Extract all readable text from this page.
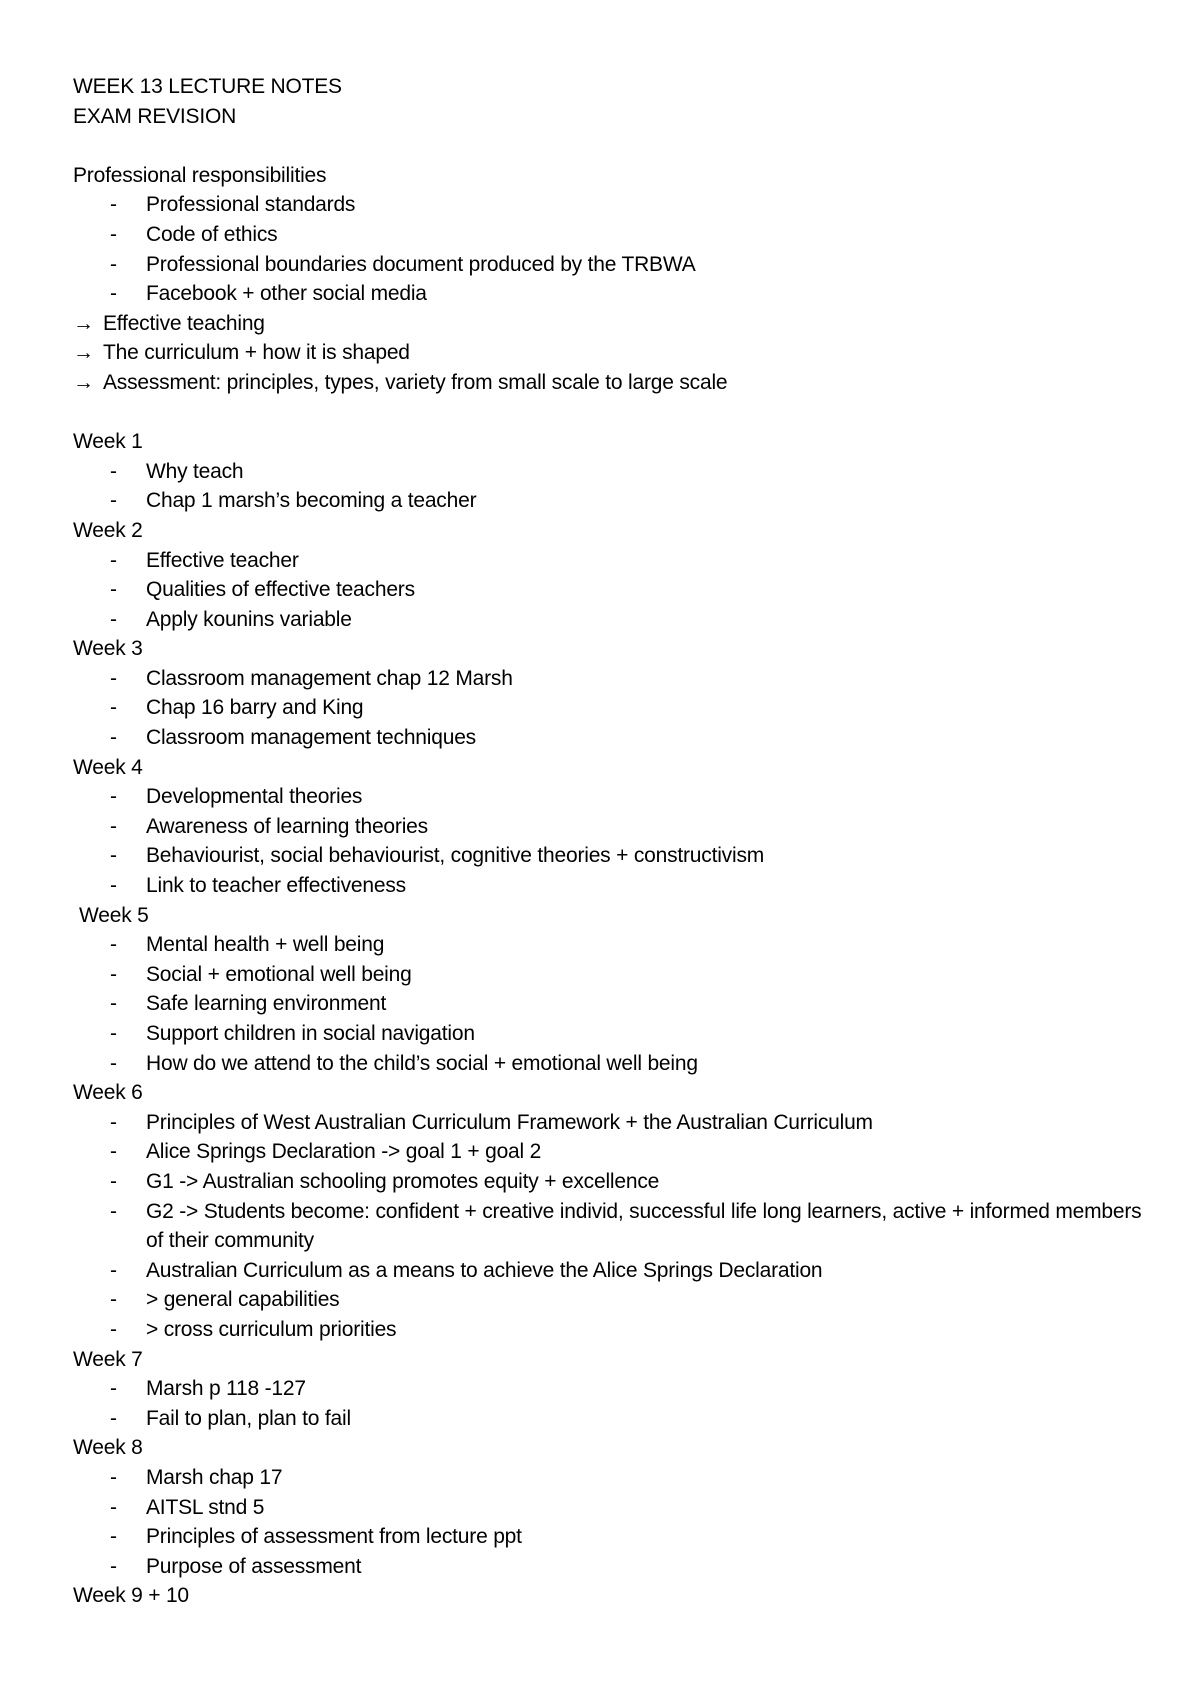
WEEK 13 LECTURE NOTES
EXAM REVISION
Professional responsibilities
- Professional standards
- Code of ethics
- Professional boundaries document produced by the TRBWA
- Facebook + other social media
→ Effective teaching
→ The curriculum + how it is shaped
→ Assessment: principles, types, variety from small scale to large scale
Week 1
- Why teach
- Chap 1 marsh’s becoming a teacher
Week 2
- Effective teacher
- Qualities of effective teachers
- Apply kounins variable
Week 3
- Classroom management chap 12 Marsh
- Chap 16 barry and King
- Classroom management techniques
Week 4
- Developmental theories
- Awareness of learning theories
- Behaviourist, social behaviourist, cognitive theories + constructivism
- Link to teacher effectiveness
Week 5
- Mental health + well being
- Social + emotional well being
- Safe learning environment
- Support children in social navigation
- How do we attend to the child’s social + emotional well being
Week 6
- Principles of West Australian Curriculum Framework + the Australian Curriculum
- Alice Springs Declaration -> goal 1 + goal 2
- G1 -> Australian schooling promotes equity + excellence
- G2 -> Students become: confident + creative individ, successful life long learners, active + informed members of their community
- Australian Curriculum as a means to achieve the Alice Springs Declaration
- > general capabilities
- > cross curriculum priorities
Week 7
- Marsh p 118 -127
- Fail to plan, plan to fail
Week 8
- Marsh chap 17
- AITSL stnd 5
- Principles of assessment from lecture ppt
- Purpose of assessment
Week 9 + 10
